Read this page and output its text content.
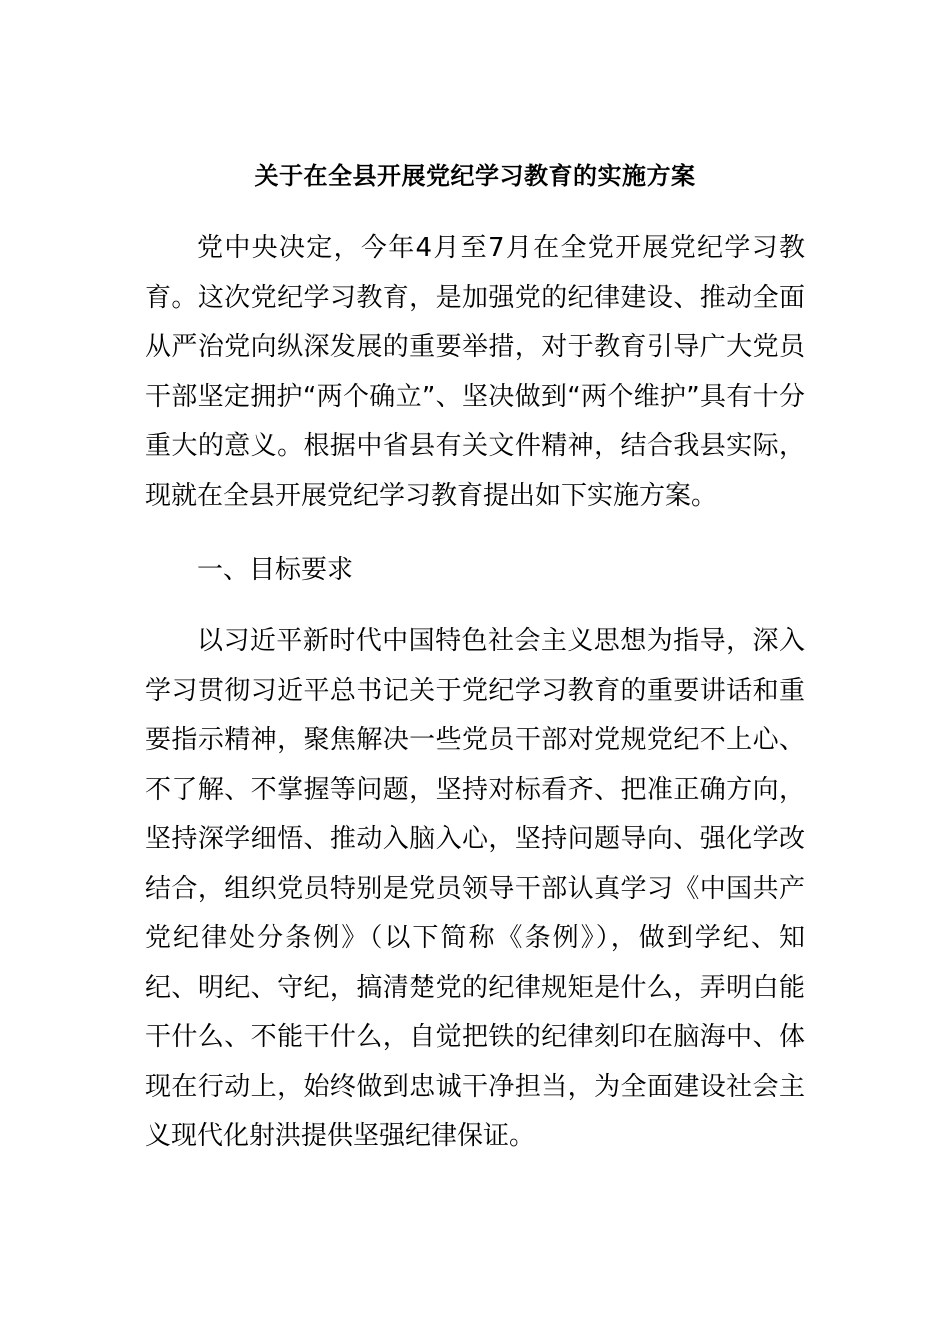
关于在全县开展党纪学习教育的实施方案

党中央决定，今年4月至7月在全党开展党纪学习教育。这次党纪学习教育，是加强党的纪律建设、推动全面从严治党向纵深发展的重要举措，对于教育引导广大党员干部坚定拥护“两个确立”、坚决做到“两个维护”具有十分重大的意义。根据中省县有关文件精神，结合我县实际，现就在全县开展党纪学习教育提出如下实施方案。

一、目标要求

以习近平新时代中国特色社会主义思想为指导，深入学习贯彻习近平总书记关于党纪学习教育的重要讲话和重要指示精神，聚焦解决一些党员干部对党规党纪不上心、不了解、不掌握等问题，坚持对标看齐、把准正确方向，坚持深学细悟、推动入脑入心，坚持问题导向、强化学改结合，组织党员特别是党员领导干部认真学习《中国共产党纪律处分条例》（以下简称《条例》），做到学纪、知纪、明纪、守纪，搞清楚党的纪律规矩是什么，弄明白能干什么、不能干什么，自觉把铁的纪律刻印在脑海中、体现在行动上，始终做到忠诚干净担当，为全面建设社会主义现代化射洪提供坚强纪律保证。
